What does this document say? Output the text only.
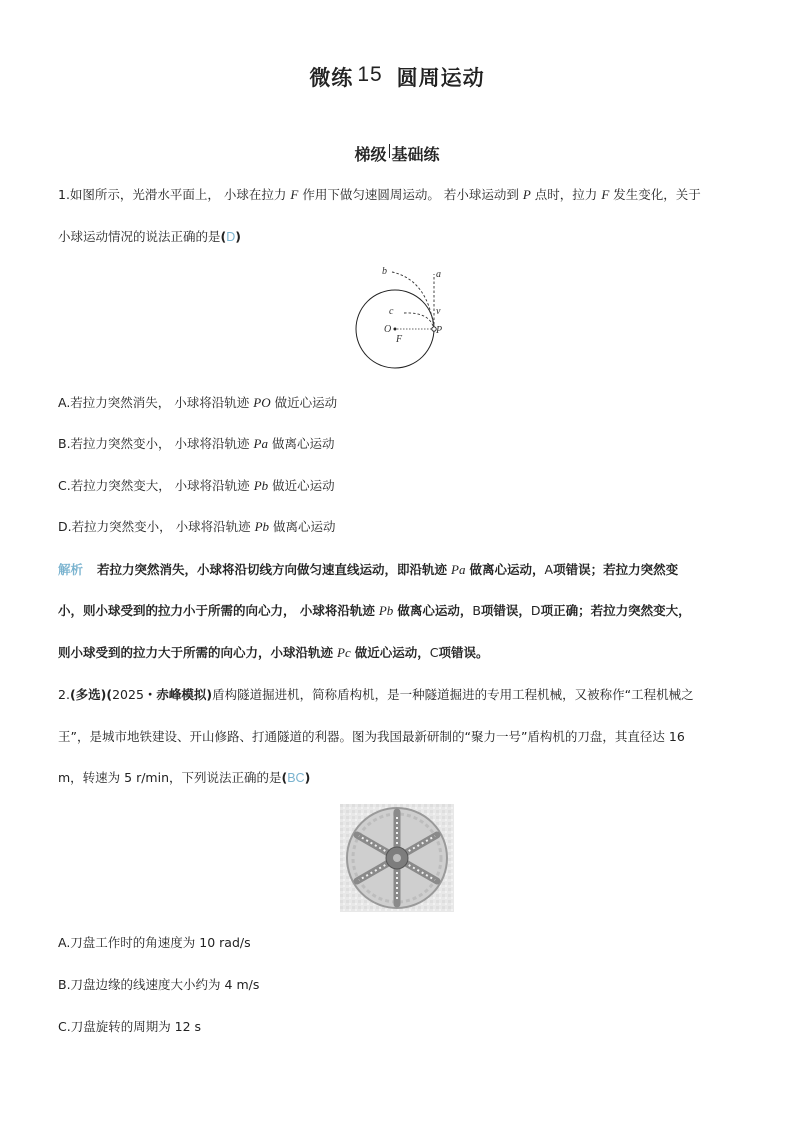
微练 15 圆周运动
梯级 基础练
1.如图所示，光滑水平面上， 小球在拉力 F 作用下做匀速圆周运动。 若小球运动到 P 点时，拉力 F 发生变化，关于
小球运动情况的说法正确的是(D)
b	a
c	v
O
F
P
A.若拉力突然消失， 小球将沿轨迹 PO 做近心运动
B.若拉力突然变小， 小球将沿轨迹 Pa 做离心运动
C.若拉力突然变大， 小球将沿轨迹 Pb 做近心运动
D.若拉力突然变小， 小球将沿轨迹 Pb 做离心运动
解析 若拉力突然消失，小球将沿切线方向做匀速直线运动，即沿轨迹 Pa 做离心运动，A项错误；若拉力突然变
小，则小球受到的拉力小于所需的向心力， 小球将沿轨迹 Pb 做离心运动，B项错误，D项正确；若拉力突然变大，
则小球受到的拉力大于所需的向心力，小球沿轨迹 Pc 做近心运动，C项错误。
2.(多选)(2025・赤峰模拟)盾构隧道掘进机，简称盾构机，是一种隧道掘进的专用工程机械，又被称作“工程机械之
王”，是城市地铁建设、开山修路、打通隧道的利器。图为我国最新研制的“聚力一号”盾构机的刀盘，其直径达 16
m，转速为 5 r/min，下列说法正确的是(BC)
A.刀盘工作时的角速度为 10 rad/s
B.刀盘边缘的线速度大小约为 4 m/s
C.刀盘旋转的周期为 12 s
